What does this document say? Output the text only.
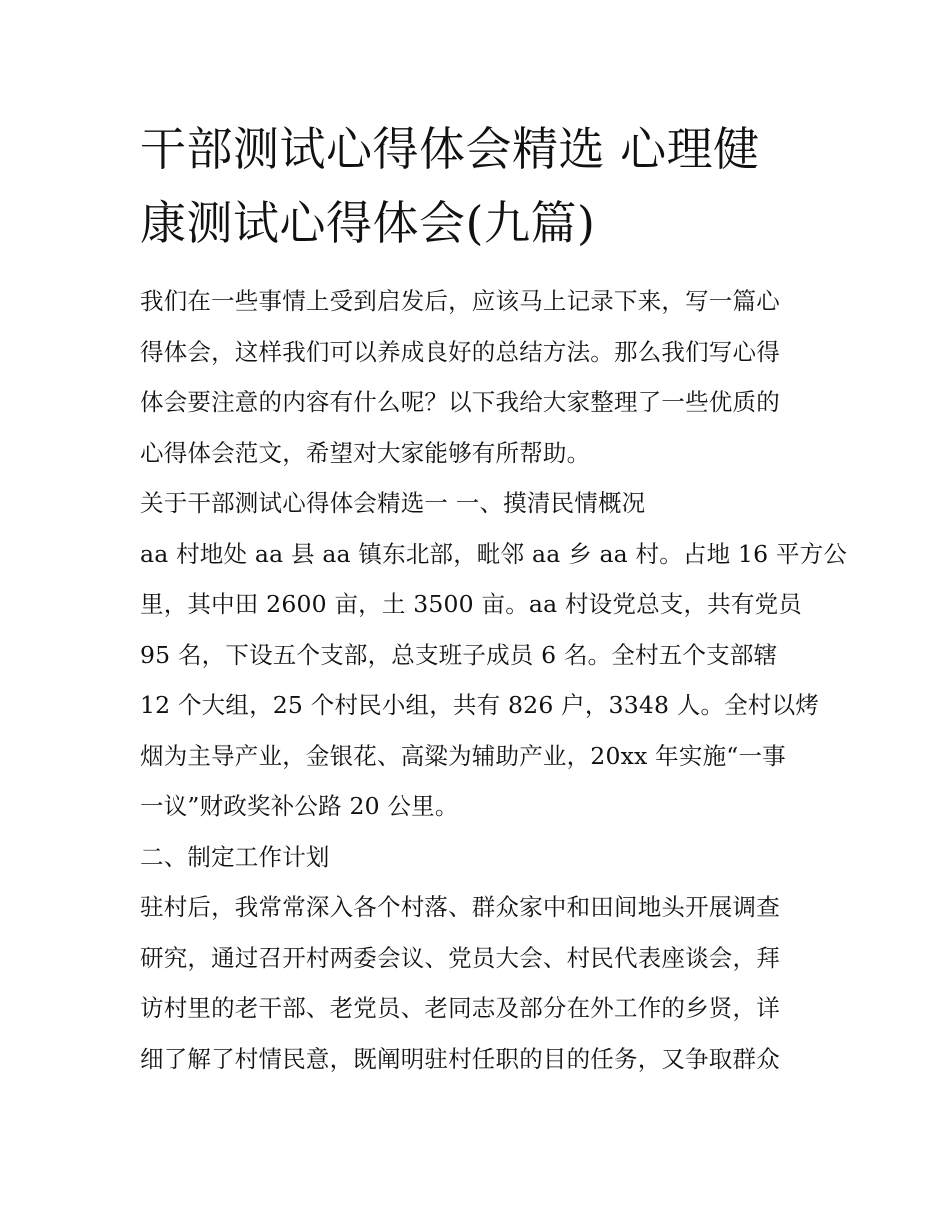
干部测试心得体会精选 心理健
康测试心得体会(九篇)

我们在一些事情上受到启发后，应该马上记录下来，写一篇心
得体会，这样我们可以养成良好的总结方法。那么我们写心得
体会要注意的内容有什么呢？以下我给大家整理了一些优质的
心得体会范文，希望对大家能够有所帮助。

关于干部测试心得体会精选一 一、摸清民情概况

aa 村地处 aa 县 aa 镇东北部，毗邻 aa 乡 aa 村。占地 16 平方公
里，其中田 2600 亩，土 3500 亩。aa 村设党总支，共有党员
95 名，下设五个支部，总支班子成员 6 名。全村五个支部辖
12 个大组，25 个村民小组，共有 826 户，3348 人。全村以烤
烟为主导产业，金银花、高粱为辅助产业，20xx 年实施“一事
一议”财政奖补公路 20 公里。

二、制定工作计划

驻村后，我常常深入各个村落、群众家中和田间地头开展调查
研究，通过召开村两委会议、党员大会、村民代表座谈会，拜
访村里的老干部、老党员、老同志及部分在外工作的乡贤，详
细了解了村情民意，既阐明驻村任职的目的任务，又争取群众
